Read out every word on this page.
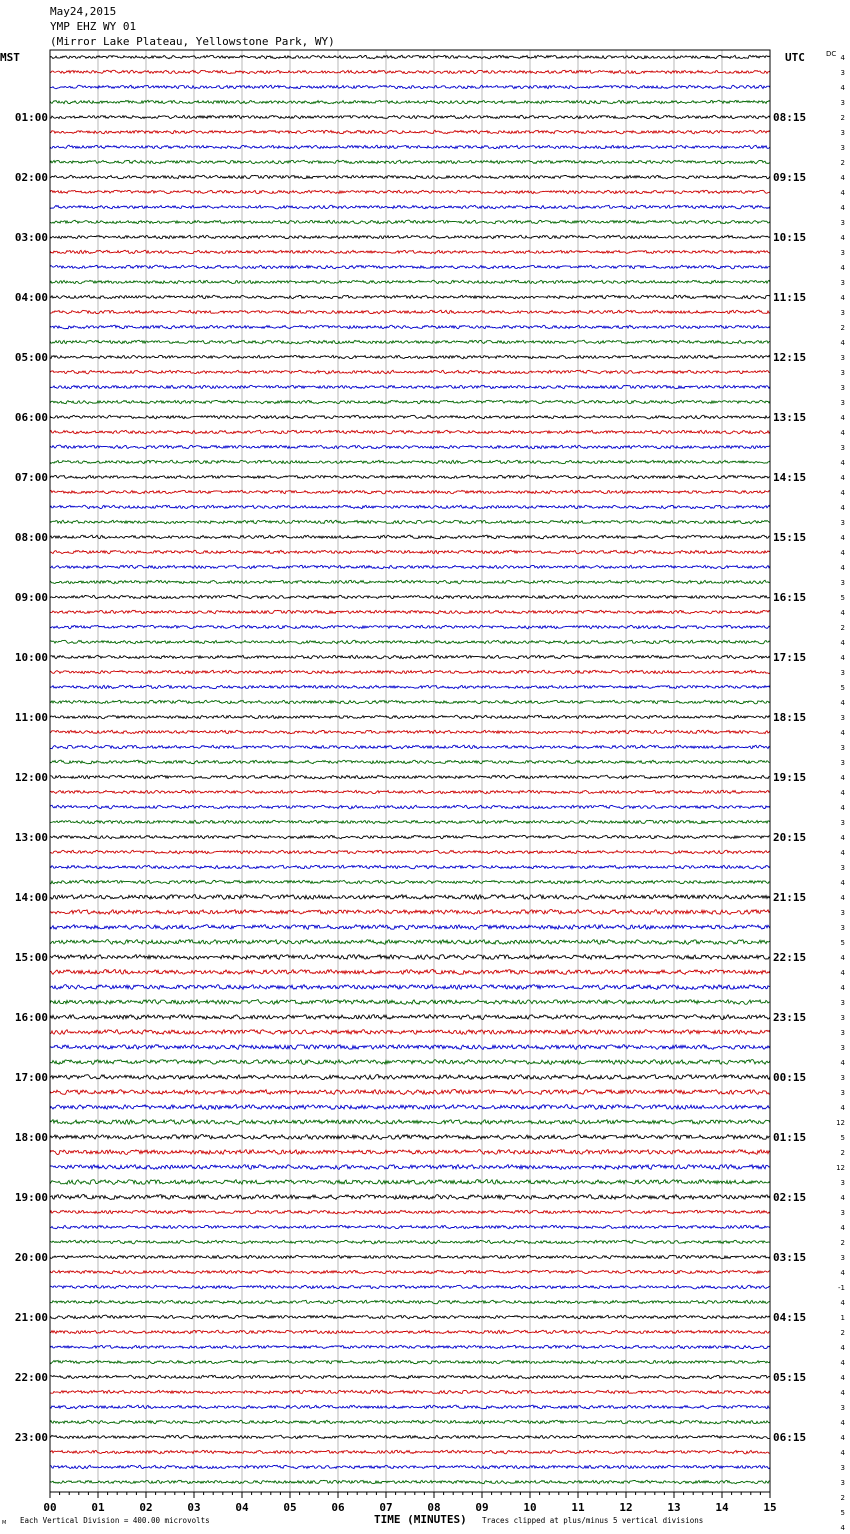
May24,2015
YMP EHZ WY 01
(Mirror Lake Plateau, Yellowstone Park, WY)
00	01	02	03	04	05	06	07	08	09	10	11	12	13	14	15
01:00
02:00
03:00
04:00
05:00
06:00
07:00
08:00
09:00
10:00
11:00
12:00
13:00
14:00
15:00
16:00
17:00
18:00
19:00
20:00
21:00
22:00
23:00
08:15
09:15
10:15
11:15
12:15
13:15
14:15
15:15
16:15
17:15
18:15
19:15
20:15
21:15
22:15
23:15
00:15
01:15
02:15
03:15
04:15
05:15
06:15
4
3
4
3
2
3
3
2
4
4
4
3
4
3
4
3
4
3
2
4
3
3
3
3
4
4
3
4
4
4
4
3
4
4
4
3
5
4
2
4
4
3
5
4
3
4
3
3
4
4
4
3
4
4
3
4
4
3
3
5
4
4
4
3
3
3
3
4
3
3
4
12
5
2
12
3
4
3
4
2
3
4
-1
4
1
2
4
4
4
4
3
4
4
4
3
3
2
5
4
MST	UTC	DC
TIME (MINUTES)
Each Vertical Division = 400.00 microvolts	Traces clipped at plus/minus 5 vertical divisions
M
